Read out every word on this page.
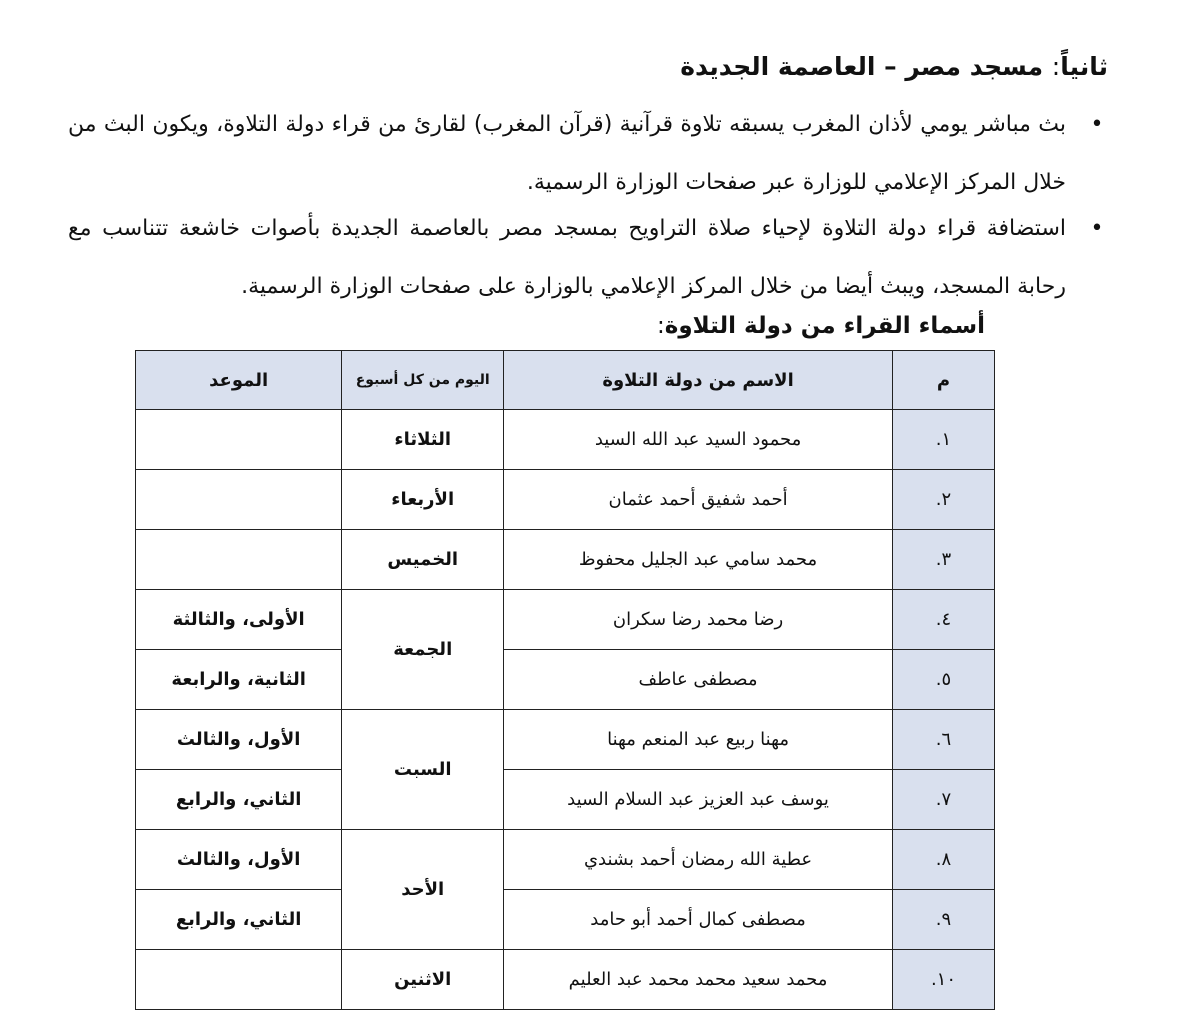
ثانياً: مسجد مصر – العاصمة الجديدة
•
بث مباشر يومي لأذان المغرب يسبقه تلاوة قرآنية (قرآن المغرب) لقارئ من قراء دولة التلاوة، ويكون البث من خلال المركز الإعلامي للوزارة عبر صفحات الوزارة الرسمية.
•
استضافة قراء دولة التلاوة لإحياء صلاة التراويح بمسجد مصر بالعاصمة الجديدة بأصوات خاشعة تتناسب مع رحابة المسجد، ويبث أيضا من خلال المركز الإعلامي بالوزارة على صفحات الوزارة الرسمية.
أسماء القراء من دولة التلاوة:
م	الاسم من دولة التلاوة	اليوم من كل أسبوع	الموعد
١.	محمود السيد عبد الله السيد	الثلاثاء	
٢.	أحمد شفيق أحمد عثمان	الأربعاء	
٣.	محمد سامي عبد الجليل محفوظ	الخميس	
٤.	رضا محمد رضا سكران	الجمعة	الأولى، والثالثة
٥.	مصطفى عاطف		الثانية، والرابعة
٦.	مهنا ربيع عبد المنعم مهنا	السبت	الأول، والثالث
٧.	يوسف عبد العزيز عبد السلام السيد		الثاني، والرابع
٨.	عطية الله رمضان أحمد بشندي	الأحد	الأول، والثالث
٩.	مصطفى كمال أحمد أبو حامد		الثاني، والرابع
١٠.	محمد سعيد محمد محمد عبد العليم	الاثنين	
